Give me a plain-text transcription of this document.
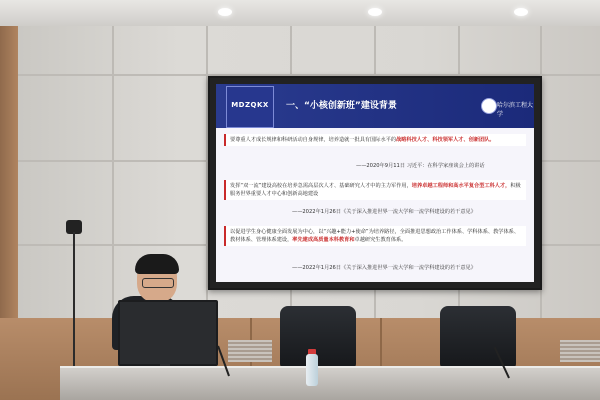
MDZQKX	一、“小核创新班”建设背景	哈尔滨工程大学
要尊重人才成长规律和科研活动自身规律，培养造就一批具有国际水平的战略科技人才、科技领军人才、创新团队。
——2020年9月11日 习近平：在科学家座谈会上的讲话
发挥“双一流”建设高校在培养急需高层次人才、基础研究人才中的主力军作用，培养卓越工程师和高水平复合型工科人才，积极服务世界重要人才中心和创新高地建设
——2022年1月26日《关于深入推进世界一流大学和一流学科建设的若干意见》
以促进学生身心健康全面发展为中心，以“兴趣+能力+使命”为培养路径，全面推进思想政治工作体系、学科体系、教学体系、教材体系、管理体系建设，率先建成高质量本科教育和卓越研究生教育体系。
——2022年1月26日《关于深入推进世界一流大学和一流学科建设的若干意见》
